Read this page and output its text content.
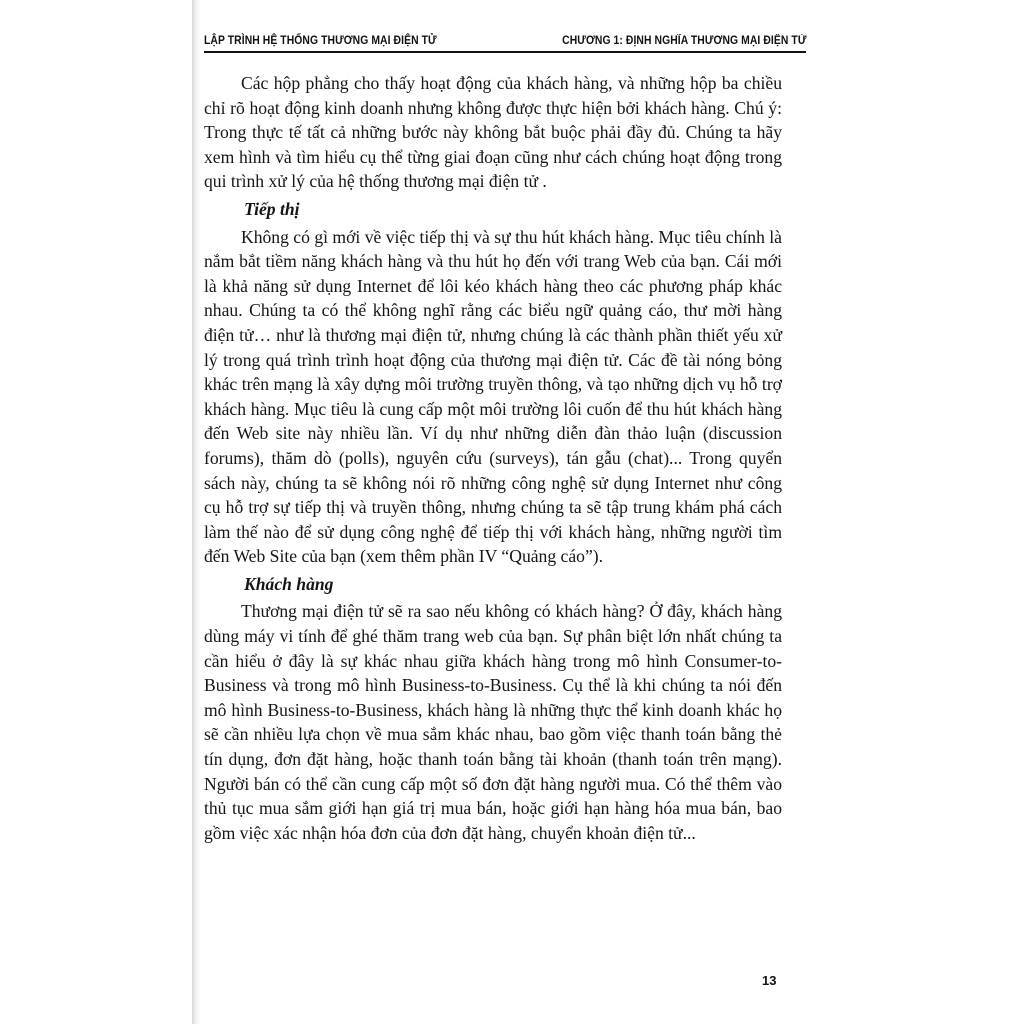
LẬP TRÌNH HỆ THỐNG THƯƠNG MẠI ĐIỆN TỬ	CHƯƠNG 1: ĐỊNH NGHĨA THƯƠNG MẠI ĐIỆN TỬ

Các hộp phẳng cho thấy hoạt động của khách hàng, và những hộp ba chiều chỉ rõ hoạt động kinh doanh nhưng không được thực hiện bởi khách hàng. Chú ý: Trong thực tế tất cả những bước này không bắt buộc phải đầy đủ. Chúng ta hãy xem hình và tìm hiểu cụ thể từng giai đoạn cũng như cách chúng hoạt động trong qui trình xử lý của hệ thống thương mại điện tử .

Tiếp thị

Không có gì mới về việc tiếp thị và sự thu hút khách hàng. Mục tiêu chính là nắm bắt tiềm năng khách hàng và thu hút họ đến với trang Web của bạn. Cái mới là khả năng sử dụng Internet để lôi kéo khách hàng theo các phương pháp khác nhau. Chúng ta có thể không nghĩ rằng các biểu ngữ quảng cáo, thư mời hàng điện tử… như là thương mại điện tử, nhưng chúng là các thành phần thiết yếu xử lý trong quá trình trình hoạt động của thương mại điện tử. Các đề tài nóng bỏng khác trên mạng là xây dựng môi trường truyền thông, và tạo những dịch vụ hỗ trợ khách hàng. Mục tiêu là cung cấp một môi trường lôi cuốn để thu hút khách hàng đến Web site này nhiều lần. Ví dụ như những diễn đàn thảo luận (discussion forums), thăm dò (polls), nguyên cứu (surveys), tán gẫu (chat)... Trong quyển sách này, chúng ta sẽ không nói rõ những công nghệ sử dụng Internet như công cụ hỗ trợ sự tiếp thị và truyền thông, nhưng chúng ta sẽ tập trung khám phá cách làm thế nào để sử dụng công nghệ để tiếp thị với khách hàng, những người tìm đến Web Site của bạn (xem thêm phần IV “Quảng cáo”).

Khách hàng

Thương mại điện tử sẽ ra sao nếu không có khách hàng? Ở đây, khách hàng dùng máy vi tính để ghé thăm trang web của bạn. Sự phân biệt lớn nhất chúng ta cần hiểu ở đây là sự khác nhau giữa khách hàng trong mô hình Consumer-to-Business và trong mô hình Business-to-Business. Cụ thể là khi chúng ta nói đến mô hình Business-to-Business, khách hàng là những thực thể kinh doanh khác họ sẽ cần nhiều lựa chọn về mua sắm khác nhau, bao gồm việc thanh toán bằng thẻ tín dụng, đơn đặt hàng, hoặc thanh toán bằng tài khoản (thanh toán trên mạng). Người bán có thể cần cung cấp một số đơn đặt hàng người mua. Có thể thêm vào thủ tục mua sắm giới hạn giá trị mua bán, hoặc giới hạn hàng hóa mua bán, bao gồm việc xác nhận hóa đơn của đơn đặt hàng, chuyển khoản điện tử...

13
